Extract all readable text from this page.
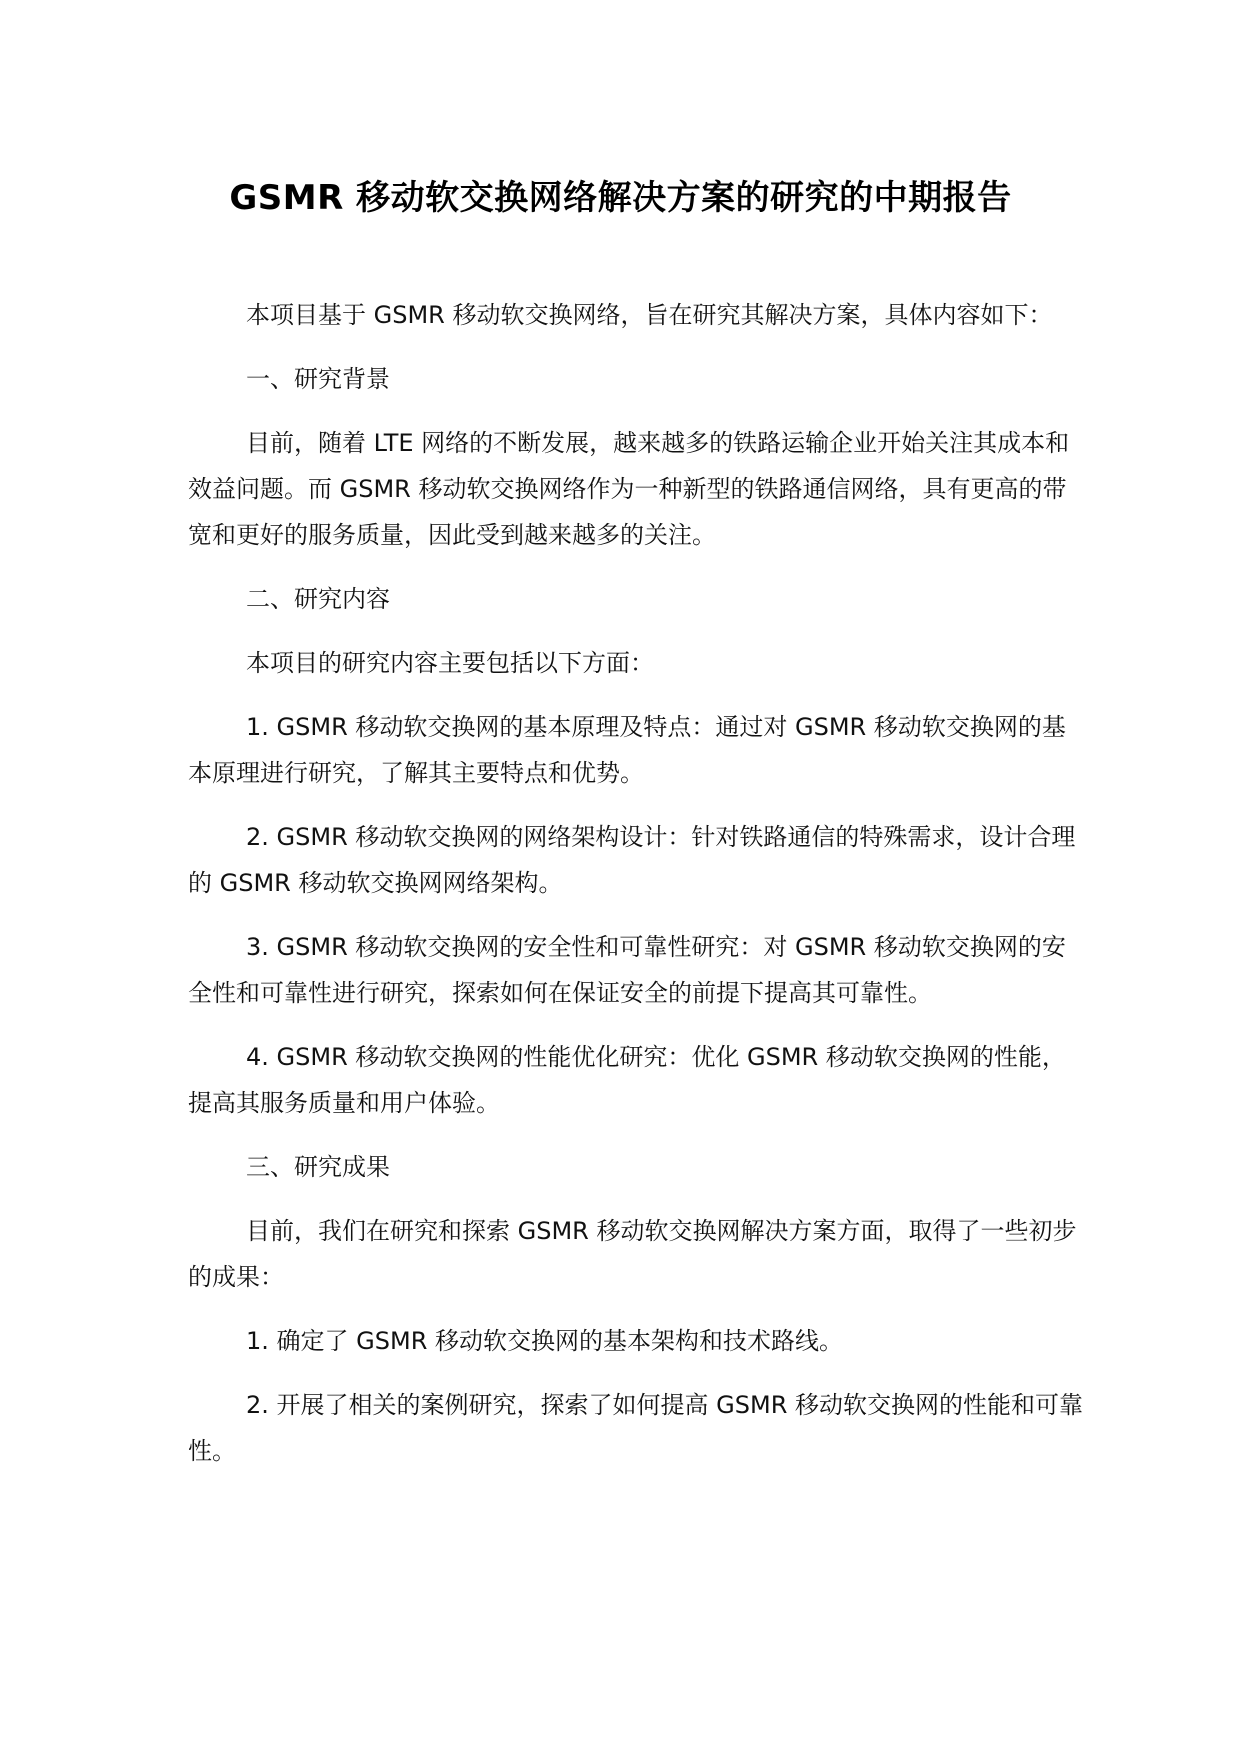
GSMR 移动软交换网络解决方案的研究的中期报告

本项目基于 GSMR 移动软交换网络，旨在研究其解决方案，具体内容如下：

一、研究背景

目前，随着 LTE 网络的不断发展，越来越多的铁路运输企业开始关注其成本和效益问题。而 GSMR 移动软交换网络作为一种新型的铁路通信网络，具有更高的带宽和更好的服务质量，因此受到越来越多的关注。

二、研究内容

本项目的研究内容主要包括以下方面：

1. GSMR 移动软交换网的基本原理及特点：通过对 GSMR 移动软交换网的基本原理进行研究，了解其主要特点和优势。

2. GSMR 移动软交换网的网络架构设计：针对铁路通信的特殊需求，设计合理的 GSMR 移动软交换网网络架构。

3. GSMR 移动软交换网的安全性和可靠性研究：对 GSMR 移动软交换网的安全性和可靠性进行研究，探索如何在保证安全的前提下提高其可靠性。

4. GSMR 移动软交换网的性能优化研究：优化 GSMR 移动软交换网的性能，提高其服务质量和用户体验。

三、研究成果

目前，我们在研究和探索 GSMR 移动软交换网解决方案方面，取得了一些初步的成果：

1. 确定了 GSMR 移动软交换网的基本架构和技术路线。

2. 开展了相关的案例研究，探索了如何提高 GSMR 移动软交换网的性能和可靠性。
